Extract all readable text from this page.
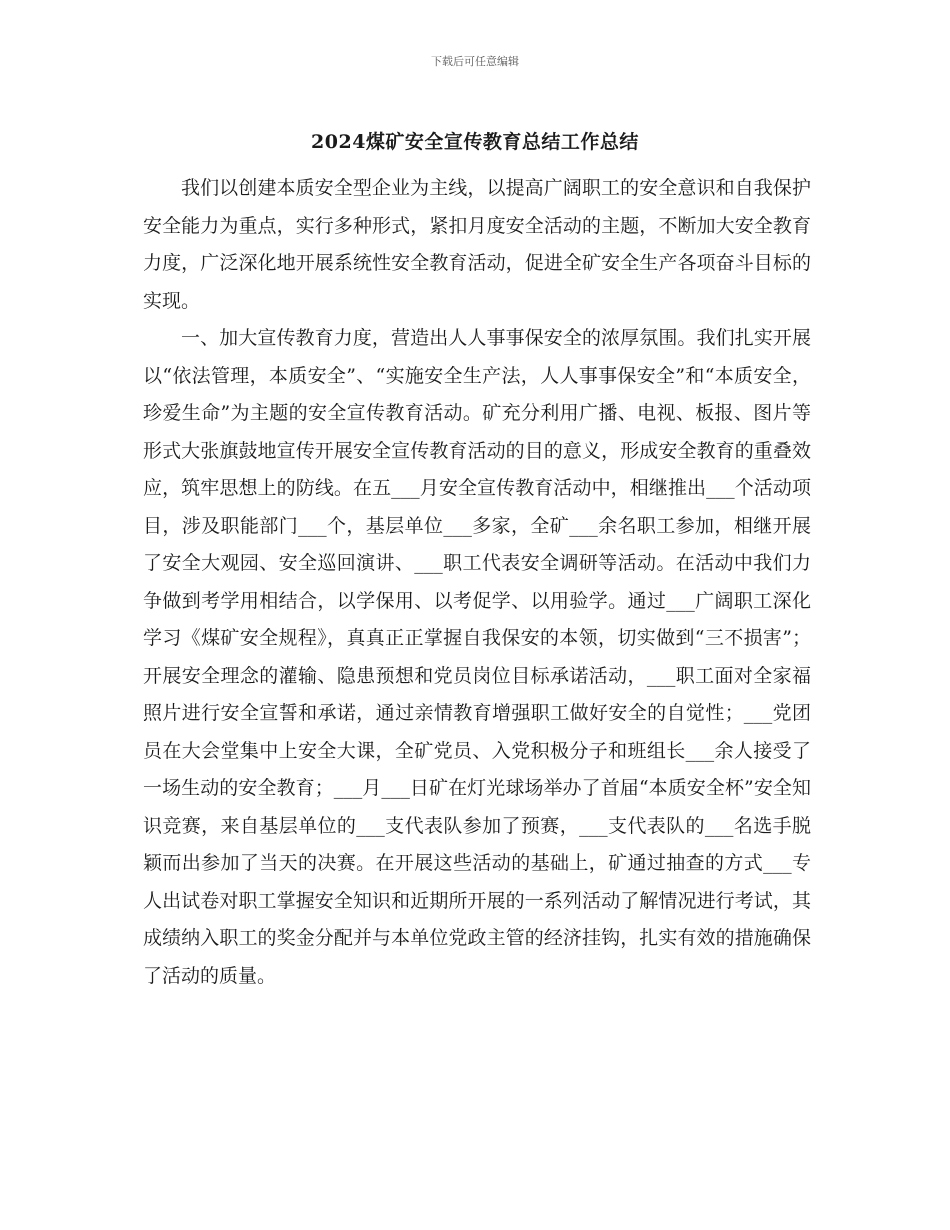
下载后可任意编辑
2024煤矿安全宣传教育总结工作总结

我们以创建本质安全型企业为主线，以提高广阔职工的安全意识和自我保护安全能力为重点，实行多种形式，紧扣月度安全活动的主题，不断加大安全教育力度，广泛深化地开展系统性安全教育活动，促进全矿安全生产各项奋斗目标的实现。

一、加大宣传教育力度，营造出人人事事保安全的浓厚氛围。我们扎实开展以“依法管理，本质安全”、“实施安全生产法，人人事事保安全”和“本质安全，珍爱生命”为主题的安全宣传教育活动。矿充分利用广播、电视、板报、图片等形式大张旗鼓地宣传开展安全宣传教育活动的目的意义，形成安全教育的重叠效应，筑牢思想上的防线。在五___月安全宣传教育活动中，相继推出___个活动项目，涉及职能部门___个，基层单位___多家，全矿___余名职工参加，相继开展了安全大观园、安全巡回演讲、___职工代表安全调研等活动。在活动中我们力争做到考学用相结合，以学保用、以考促学、以用验学。通过___广阔职工深化学习《煤矿安全规程》，真真正正掌握自我保安的本领，切实做到“三不损害”；开展安全理念的灌输、隐患预想和党员岗位目标承诺活动，___职工面对全家福照片进行安全宣誓和承诺，通过亲情教育增强职工做好安全的自觉性；___党团员在大会堂集中上安全大课，全矿党员、入党积极分子和班组长___余人接受了一场生动的安全教育；___月___日矿在灯光球场举办了首届“本质安全杯”安全知识竞赛，来自基层单位的___支代表队参加了预赛，___支代表队的___名选手脱颖而出参加了当天的决赛。在开展这些活动的基础上，矿通过抽查的方式___专人出试卷对职工掌握安全知识和近期所开展的一系列活动了解情况进行考试，其成绩纳入职工的奖金分配并与本单位党政主管的经济挂钩，扎实有效的措施确保了活动的质量。
